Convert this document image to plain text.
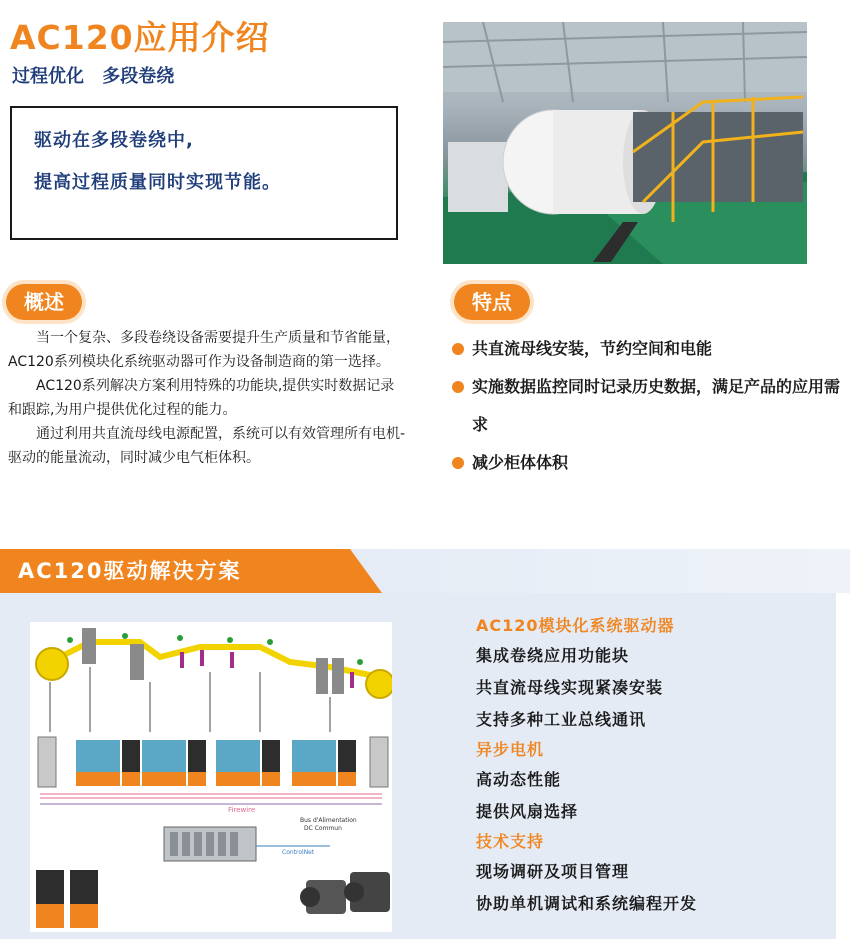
AC120应用介绍
过程优化 多段卷绕

驱动在多段卷绕中,

提高过程质量同时实现节能。

概述

当一个复杂、多段卷绕设备需要提升生产质量和节省能量，AC120系列模块化系统驱动器可作为设备制造商的第一选择。

AC120系列解决方案利用特殊的功能块,提供实时数据记录和跟踪,为用户提供优化过程的能力。

通过利用共直流母线电源配置，系统可以有效管理所有电机-驱动的能量流动，同时减少电气柜体积。

特点
共直流母线安装，节约空间和电能
实施数据监控同时记录历史数据，满足产品的应用需求
减少柜体体积
AC120驱动解决方案
Firewire
Bus d'Alimentation
DC Commun
ControlNet
AC120模块化系统驱动器
集成卷绕应用功能块
共直流母线实现紧凑安装
支持多种工业总线通讯
异步电机
高动态性能
提供风扇选择
技术支持
现场调研及项目管理
协助单机调试和系统编程开发
